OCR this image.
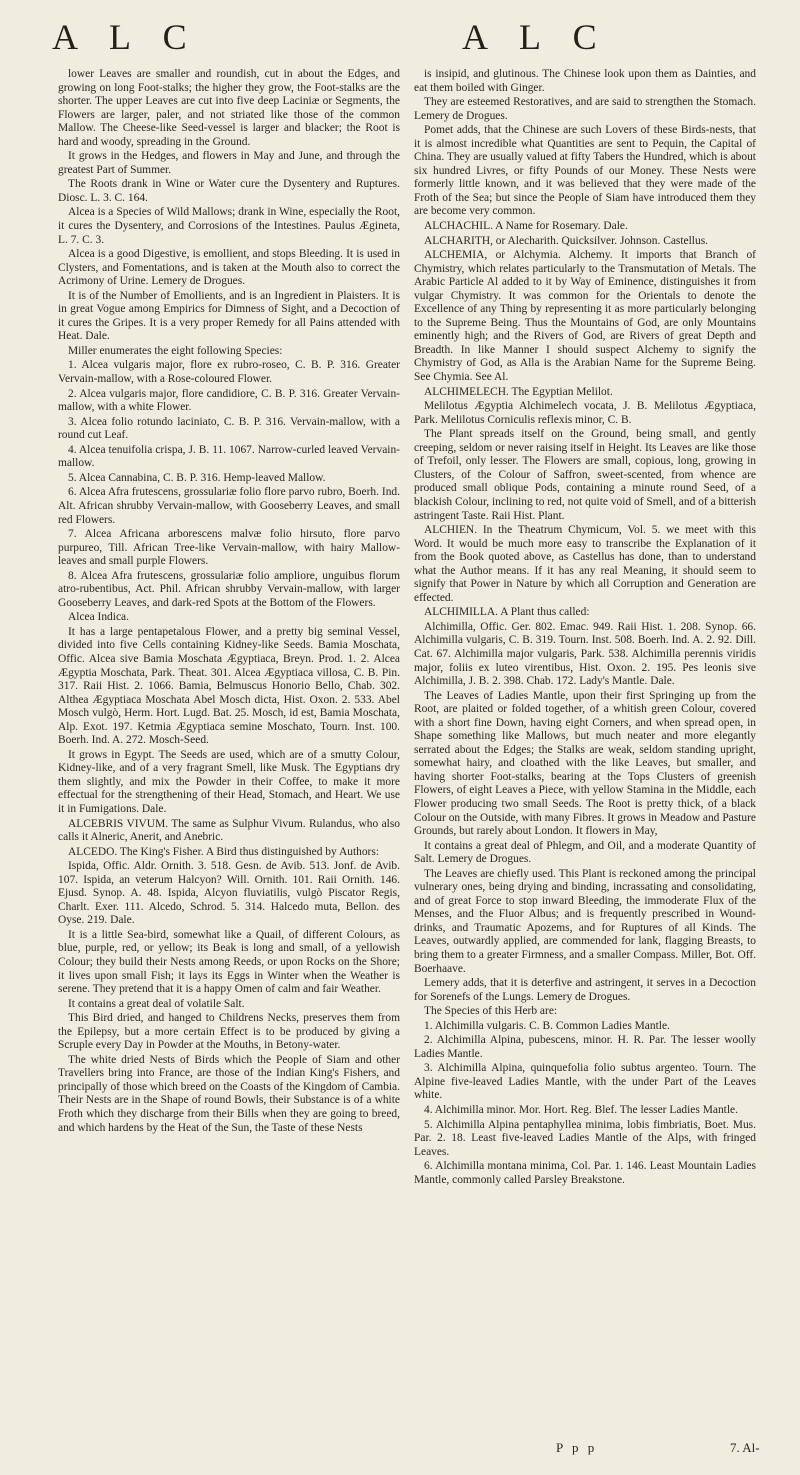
A L C	A L C

lower Leaves are smaller and roundish, cut in about the Edges, and growing on long Foot-stalks; the higher they grow, the Foot-stalks are the shorter. The upper Leaves are cut into five deep Laciniæ or Segments, the Flowers are larger, paler, and not striated like those of the common Mallow. The Cheese-like Seed-vessel is larger and blacker; the Root is hard and woody, spreading in the Ground.

It grows in the Hedges, and flowers in May and June, and through the greatest Part of Summer.

The Roots drank in Wine or Water cure the Dysentery and Ruptures. Diosc. L. 3. C. 164.

Alcea is a Species of Wild Mallows; drank in Wine, especially the Root, it cures the Dysentery, and Corrosions of the Intestines. Paulus Ægineta, L. 7. C. 3.

Alcea is a good Digestive, is emollient, and stops Bleeding. It is used in Clysters, and Fomentations, and is taken at the Mouth also to correct the Acrimony of Urine. Lemery de Drogues.

It is of the Number of Emollients, and is an Ingredient in Plaisters. It is in great Vogue among Empirics for Dimness of Sight, and a Decoction of it cures the Gripes. It is a very proper Remedy for all Pains attended with Heat. Dale.

Miller enumerates the eight following Species:

1. Alcea vulgaris major, flore ex rubro-roseo, C. B. P. 316. Greater Vervain-mallow, with a Rose-coloured Flower.

2. Alcea vulgaris major, flore candidiore, C. B. P. 316. Greater Vervain-mallow, with a white Flower.

3. Alcea folio rotundo laciniato, C. B. P. 316. Vervain-mallow, with a round cut Leaf.

4. Alcea tenuifolia crispa, J. B. 11. 1067. Narrow-curled leaved Vervain-mallow.

5. Alcea Cannabina, C. B. P. 316. Hemp-leaved Mallow.

6. Alcea Afra frutescens, grossulariæ folio flore parvo rubro, Boerh. Ind. Alt. African shrubby Vervain-mallow, with Gooseberry Leaves, and small red Flowers.

7. Alcea Africana arborescens malvæ folio hirsuto, flore parvo purpureo, Till. African Tree-like Vervain-mallow, with hairy Mallow-leaves and small purple Flowers.

8. Alcea Afra frutescens, grossulariæ folio ampliore, unguibus florum atro-rubentibus, Act. Phil. African shrubby Vervain-mallow, with larger Gooseberry Leaves, and dark-red Spots at the Bottom of the Flowers.

Alcea Indica.

It has a large pentapetalous Flower, and a pretty big seminal Vessel, divided into five Cells containing Kidney-like Seeds. Bamia Moschata, Offic. Alcea sive Bamia Moschata Ægyptiaca, Breyn. Prod. 1. 2. Alcea Ægyptia Moschata, Park. Theat. 301. Alcea Ægyptiaca villosa, C. B. Pin. 317. Raii Hist. 2. 1066. Bamia, Belmuscus Honorio Bello, Chab. 302. Althea Ægyptiaca Moschata Abel Mosch dicta, Hist. Oxon. 2. 533. Abel Mosch vulgò, Herm. Hort. Lugd. Bat. 25. Mosch, id est, Bamia Moschata, Alp. Exot. 197. Ketmia Ægyptiaca semine Moschato, Tourn. Inst. 100. Boerh. Ind. A. 272. Mosch-Seed.

It grows in Egypt. The Seeds are used, which are of a smutty Colour, Kidney-like, and of a very fragrant Smell, like Musk. The Egyptians dry them slightly, and mix the Powder in their Coffee, to make it more effectual for the strengthening of their Head, Stomach, and Heart. We use it in Fumigations. Dale.

ALCEBRIS VIVUM. The same as Sulphur Vivum. Rulandus, who also calls it Alneric, Anerit, and Anebric.

ALCEDO. The King's Fisher. A Bird thus distinguished by Authors:

Ispida, Offic. Aldr. Ornith. 3. 518. Gesn. de Avib. 513. Jonf. de Avib. 107. Ispida, an veterum Halcyon? Will. Ornith. 101. Raii Ornith. 146. Ejusd. Synop. A. 48. Ispida, Alcyon fluviatilis, vulgò Piscator Regis, Charlt. Exer. 111. Alcedo, Schrod. 5. 314. Halcedo muta, Bellon. des Oyse. 219. Dale.

It is a little Sea-bird, somewhat like a Quail, of different Colours, as blue, purple, red, or yellow; its Beak is long and small, of a yellowish Colour; they build their Nests among Reeds, or upon Rocks on the Shore; it lives upon small Fish; it lays its Eggs in Winter when the Weather is serene. They pretend that it is a happy Omen of calm and fair Weather.

It contains a great deal of volatile Salt.

This Bird dried, and hanged to Childrens Necks, preserves them from the Epilepsy, but a more certain Effect is to be produced by giving a Scruple every Day in Powder at the Mouths, in Betony-water.

The white dried Nests of Birds which the People of Siam and other Travellers bring into France, are those of the Indian King's Fishers, and principally of those which breed on the Coasts of the Kingdom of Cambia. Their Nests are in the Shape of round Bowls, their Substance is of a white Froth which they discharge from their Bills when they are going to breed, and which hardens by the Heat of the Sun, the Taste of these Nests

is insipid, and glutinous. The Chinese look upon them as Dainties, and eat them boiled with Ginger.

They are esteemed Restoratives, and are said to strengthen the Stomach. Lemery de Drogues.

Pomet adds, that the Chinese are such Lovers of these Birds-nests, that it is almost incredible what Quantities are sent to Pequin, the Capital of China. They are usually valued at fifty Tabers the Hundred, which is about six hundred Livres, or fifty Pounds of our Money. These Nests were formerly little known, and it was believed that they were made of the Froth of the Sea; but since the People of Siam have introduced them they are become very common.

ALCHACHIL. A Name for Rosemary. Dale.

ALCHARITH, or Alecharith. Quicksilver. Johnson. Castellus.

ALCHEMIA, or Alchymia. Alchemy. It imports that Branch of Chymistry, which relates particularly to the Transmutation of Metals. The Arabic Particle Al added to it by Way of Eminence, distinguishes it from vulgar Chymistry. It was common for the Orientals to denote the Excellence of any Thing by representing it as more particularly belonging to the Supreme Being. Thus the Mountains of God, are only Mountains eminently high; and the Rivers of God, are Rivers of great Depth and Breadth. In like Manner I should suspect Alchemy to signify the Chymistry of God, as Alla is the Arabian Name for the Supreme Being. See Chymia. See Al.

ALCHIMELECH. The Egyptian Melilot.

Melilotus Ægyptia Alchimelech vocata, J. B. Melilotus Ægyptiaca, Park. Melilotus Corniculis reflexis minor, C. B.

The Plant spreads itself on the Ground, being small, and gently creeping, seldom or never raising itself in Height. Its Leaves are like those of Trefoil, only lesser. The Flowers are small, copious, long, growing in Clusters, of the Colour of Saffron, sweet-scented, from whence are produced small oblique Pods, containing a minute round Seed, of a blackish Colour, inclining to red, not quite void of Smell, and of a bitterish astringent Taste. Raii Hist. Plant.

ALCHIEN. In the Theatrum Chymicum, Vol. 5. we meet with this Word. It would be much more easy to transcribe the Explanation of it from the Book quoted above, as Castellus has done, than to understand what the Author means. If it has any real Meaning, it should seem to signify that Power in Nature by which all Corruption and Generation are effected.

ALCHIMILLA. A Plant thus called:

Alchimilla, Offic. Ger. 802. Emac. 949. Raii Hist. 1. 208. Synop. 66. Alchimilla vulgaris, C. B. 319. Tourn. Inst. 508. Boerh. Ind. A. 2. 92. Dill. Cat. 67. Alchimilla major vulgaris, Park. 538. Alchimilla perennis viridis major, foliis ex luteo virentibus, Hist. Oxon. 2. 195. Pes leonis sive Alchimilla, J. B. 2. 398. Chab. 172. Lady's Mantle. Dale.

The Leaves of Ladies Mantle, upon their first Springing up from the Root, are plaited or folded together, of a whitish green Colour, covered with a short fine Down, having eight Corners, and when spread open, in Shape something like Mallows, but much neater and more elegantly serrated about the Edges; the Stalks are weak, seldom standing upright, somewhat hairy, and cloathed with the like Leaves, but smaller, and having shorter Foot-stalks, bearing at the Tops Clusters of greenish Flowers, of eight Leaves a Piece, with yellow Stamina in the Middle, each Flower producing two small Seeds. The Root is pretty thick, of a black Colour on the Outside, with many Fibres. It grows in Meadow and Pasture Grounds, but rarely about London. It flowers in May,

It contains a great deal of Phlegm, and Oil, and a moderate Quantity of Salt. Lemery de Drogues.

The Leaves are chiefly used. This Plant is reckoned among the principal vulnerary ones, being drying and binding, incrassating and consolidating, and of great Force to stop inward Bleeding, the immoderate Flux of the Menses, and the Fluor Albus; and is frequently prescribed in Wound-drinks, and Traumatic Apozems, and for Ruptures of all Kinds. The Leaves, outwardly applied, are commended for lank, flagging Breasts, to bring them to a greater Firmness, and a smaller Compass. Miller, Bot. Off. Boerhaave.

Lemery adds, that it is deterfive and astringent, it serves in a Decoction for Sorenefs of the Lungs. Lemery de Drogues.

The Species of this Herb are:

1. Alchimilla vulgaris. C. B. Common Ladies Mantle.

2. Alchimilla Alpina, pubescens, minor. H. R. Par. The lesser woolly Ladies Mantle.

3. Alchimilla Alpina, quinquefolia folio subtus argenteo. Tourn. The Alpine five-leaved Ladies Mantle, with the under Part of the Leaves white.

4. Alchimilla minor. Mor. Hort. Reg. Blef. The lesser Ladies Mantle.

5. Alchimilla Alpina pentaphyllea minima, lobis fimbriatis, Boet. Mus. Par. 2. 18. Least five-leaved Ladies Mantle of the Alps, with fringed Leaves.

6. Alchimilla montana minima, Col. Par. 1. 146. Least Mountain Ladies Mantle, commonly called Parsley Breakstone.

P p p	7. Al-
